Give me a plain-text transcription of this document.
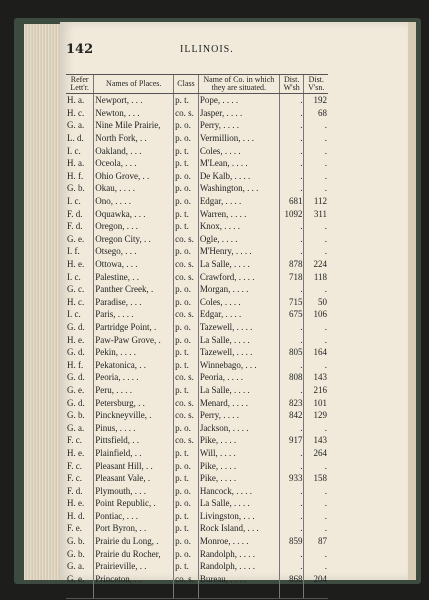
142	ILLINOIS.
Refer Lett'r.	Names of Places.	Class	Name of Co. in which they are situated.	Dist. W'sh	Dist. V'sn.
H. a.	Newport, . . .	p. t.	Pope, . . . .	.	192
H. c.	Newton, . . .	co. s.	Jasper, . . . .	.	68
G. a.	Nine Mile Prairie,	p. o.	Perry, . . . .	.	.
L. d.	North Fork, . .	p. o.	Vermillion, . . .	.	.
I. c.	Oakland, . . .	p. t.	Coles, . . . .	.	.
H. a.	Oceola, . . .	p. t.	M'Lean, . . . .	.	.
H. f.	Ohio Grove, . .	p. o.	De Kalb, . . . .	.	.
G. b.	Okau, . . . .	p. o.	Washington, . . .	.	.
I. c.	Ono, . . . .	p. o.	Edgar, . . . .	681	112
F. d.	Oquawka, . . .	p. t.	Warren, . . . .	1092	311
F. d.	Oregon, . . .	p. t.	Knox, . . . .	.	.
G. e.	Oregon City, . .	co. s.	Ogle, . . . .	.	.
I. f.	Otsego, . . .	p. o.	M'Henry, . . . .	.	.
H. e.	Ottowa, . . .	co. s.	La Salle, . . . .	878	224
I. c.	Palestine, . .	co. s.	Crawford, . . . .	718	118
G. c.	Panther Creek, .	p. o.	Morgan, . . . .	.	.
H. c.	Paradise, . . .	p. o.	Coles, . . . .	715	50
I. c.	Paris, . . . .	co. s.	Edgar, . . . .	675	106
G. d.	Partridge Point, .	p. o.	Tazewell, . . . .	.	.
H. e.	Paw-Paw Grove, .	p. o.	La Salle, . . . .	.	.
G. d.	Pekin, . . . .	p. t.	Tazewell, . . . .	805	164
H. f.	Pekatonica, . .	p. t.	Winnebago, . . .	.	.
G. d.	Peoria, . . . .	co. s.	Peoria, . . . .	808	143
G. e.	Peru, . . . .	p. t.	La Salle, . . . .	.	216
G. d.	Petersburg, . .	co. s.	Menard, . . . .	823	101
G. b.	Pinckneyville, .	co. s.	Perry, . . . .	842	129
G. a.	Pinus, . . . .	p. o.	Jackson, . . . .	.	.
F. c.	Pittsfield, . .	co. s.	Pike, . . . .	917	143
H. e.	Plainfield, . .	p. t.	Will, . . . .	.	264
F. c.	Pleasant Hill, . .	p. o.	Pike, . . . .	.	.
F. c.	Pleasant Vale, .	p. t.	Pike, . . . .	933	158
F. d.	Plymouth, . . .	p. o.	Hancock, . . . .	.	.
H. e.	Point Republic, .	p. o.	La Salle, . . . .	.	.
H. d.	Pontiac, . . .	p. t.	Livingston, . . .	.	.
F. e.	Port Byron, . .	p. t.	Rock Island, . . .	.	.
G. b.	Prairie du Long, .	p. o.	Monroe, . . . .	859	87
G. b.	Prairie du Rocher,	p. o.	Randolph, . . . .	.	.
G. a.	Prairieville, . .	p. t.	Randolph, . . . .	.	.
G. e.	Princeton, . .	co. s.	Bureau, . . . .	868	204
G. e.	Providence, . .	p. t.	Putnam, . . . .	.	.
